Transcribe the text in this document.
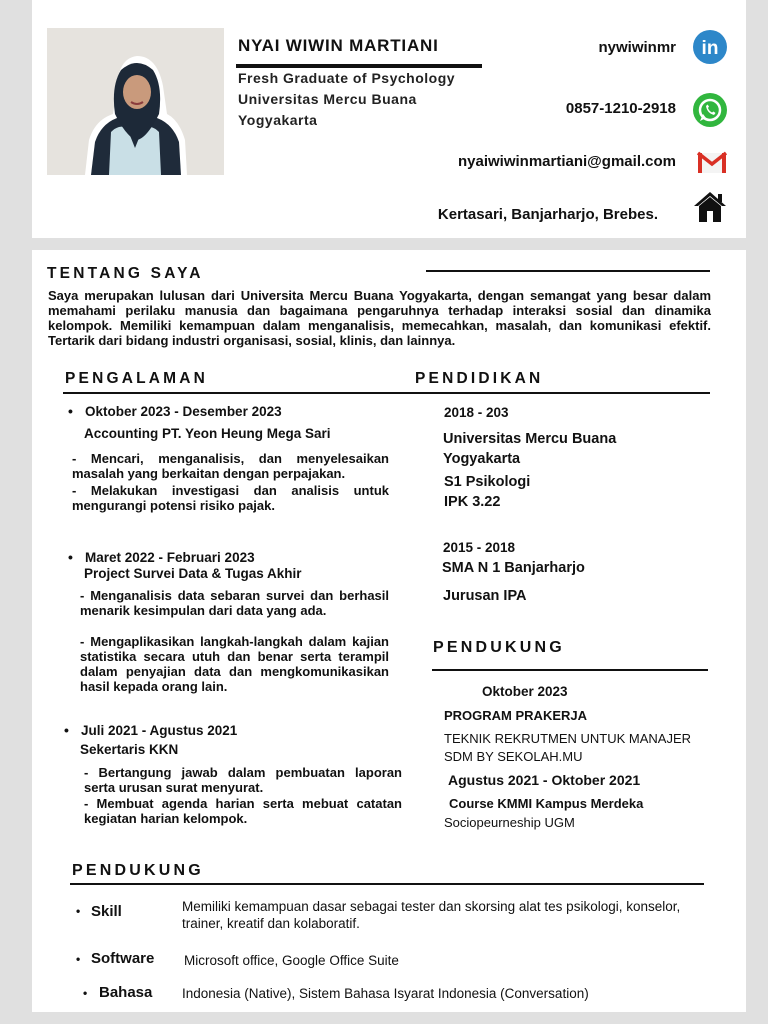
NYAI WIWIN MARTIANI
Fresh Graduate of Psychology
Universitas Mercu Buana
Yogyakarta
nywiwinmr in
0857-1210-2918
nyaiwiwinmartiani@gmail.com
Kertasari, Banjarharjo, Brebes.
TENTANG SAYA
Saya merupakan lulusan dari Universita Mercu Buana Yogyakarta, dengan semangat yang besar dalam memahami perilaku manusia dan bagaimana pengaruhnya terhadap interaksi sosial dan dinamika kelompok. Memiliki kemampuan dalam menganalisis, memecahkan, masalah, dan komunikasi efektif. Tertarik dari bidang industri organisasi, sosial, klinis, dan lainnya.
PENGALAMAN	PENDIDIKAN
• Oktober 2023 - Desember 2023
Accounting PT. Yeon Heung Mega Sari
- Mencari, menganalisis, dan menyelesaikan masalah yang berkaitan dengan perpajakan.
- Melakukan investigasi dan analisis untuk mengurangi potensi risiko pajak.
• Maret 2022 - Februari 2023
Project Survei Data & Tugas Akhir
- Menganalisis data sebaran survei dan berhasil menarik kesimpulan dari data yang ada.
- Mengaplikasikan langkah-langkah dalam kajian statistika secara utuh dan benar serta terampil dalam penyajian data dan mengkomunikasikan hasil kepada orang lain.
• Juli 2021 - Agustus 2021
Sekertaris KKN
- Bertangung jawab dalam pembuatan laporan serta urusan surat menyurat.
- Membuat agenda harian serta mebuat catatan kegiatan harian kelompok.
2018 - 203
Universitas Mercu Buana
Yogyakarta
S1 Psikologi
IPK 3.22
2015 - 2018
SMA N 1 Banjarharjo
Jurusan IPA
PENDUKUNG
Oktober 2023
PROGRAM PRAKERJA
TEKNIK REKRUTMEN UNTUK MANAJER SDM BY SEKOLAH.MU
Agustus 2021 - Oktober 2021
Course KMMI Kampus Merdeka
Sociopeurneship UGM
PENDUKUNG
• Skill	Memiliki kemampuan dasar sebagai tester dan skorsing alat tes psikologi, konselor, trainer, kreatif dan kolaboratif.
• Software Microsoft office, Google Office Suite
• Bahasa Indonesia (Native), Sistem Bahasa Isyarat Indonesia (Conversation)
